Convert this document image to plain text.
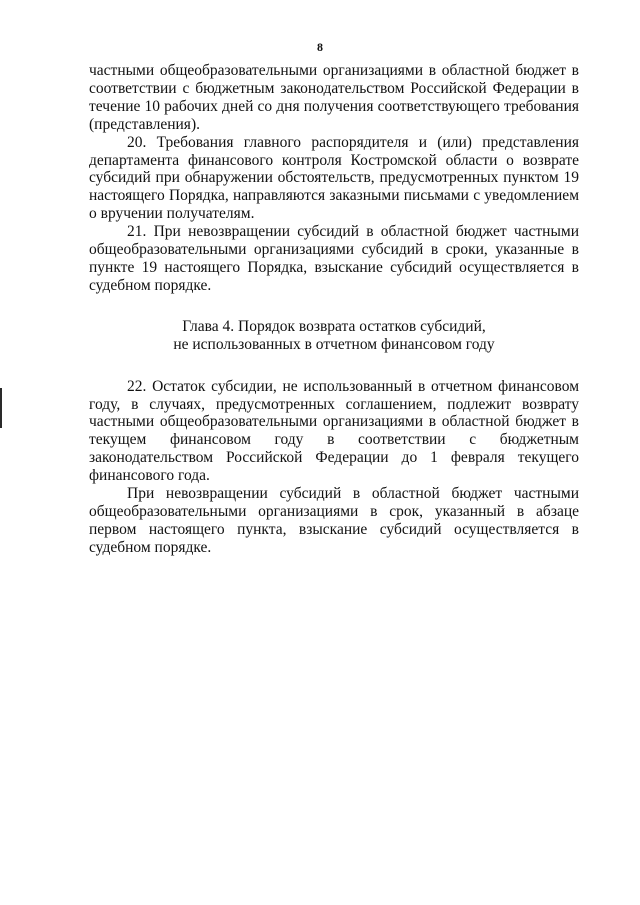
8

частными общеобразовательными организациями в областной бюджет в соответствии с бюджетным законодательством Российской Федерации в течение 10 рабочих дней со дня получения соответствующего требования (представления).

20. Требования главного распорядителя и (или) представления департамента финансового контроля Костромской области о возврате субсидий при обнаружении обстоятельств, предусмотренных пунктом 19 настоящего Порядка, направляются заказными письмами с уведомлением о вручении получателям.

21. При невозвращении субсидий в областной бюджет частными общеобразовательными организациями субсидий в сроки, указанные в пункте 19 настоящего Порядка, взыскание субсидий осуществляется в судебном порядке.

Глава 4. Порядок возврата остатков субсидий,
не использованных в отчетном финансовом году

22. Остаток субсидии, не использованный в отчетном финансовом году, в случаях, предусмотренных соглашением, подлежит возврату частными общеобразовательными организациями в областной бюджет в текущем финансовом году в соответствии с бюджетным законодательством Российской Федерации до 1 февраля текущего финансового года.

При невозвращении субсидий в областной бюджет частными общеобразовательными организациями в срок, указанный в абзаце первом настоящего пункта, взыскание субсидий осуществляется в судебном порядке.
